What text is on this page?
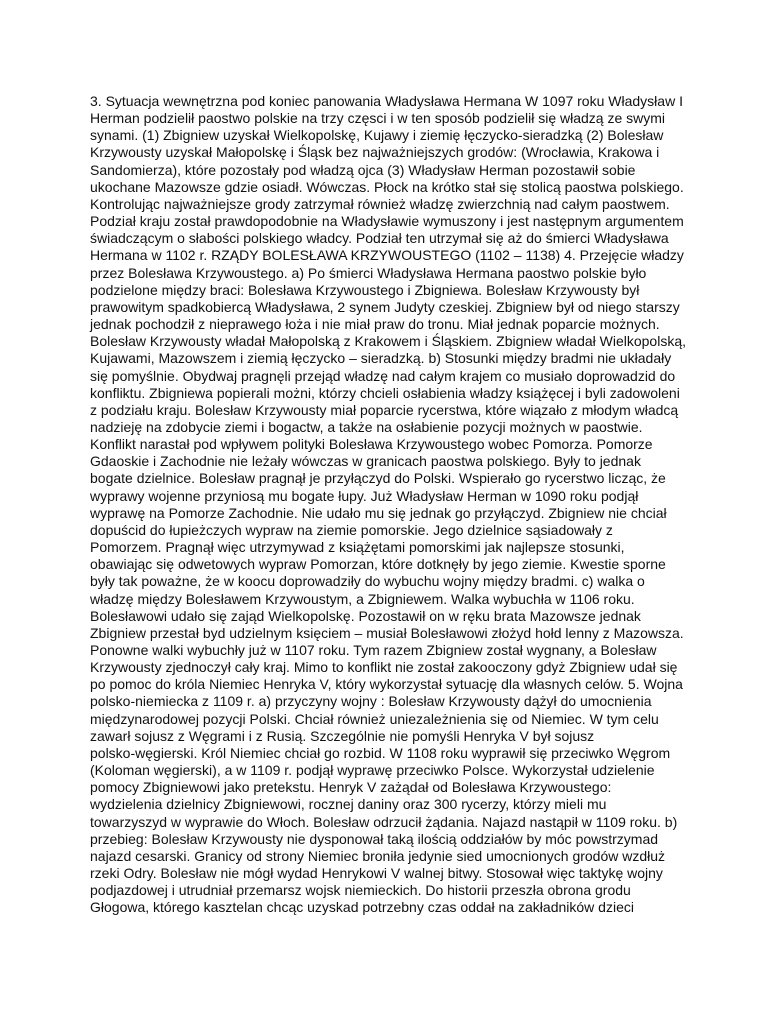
3. Sytuacja wewnętrzna pod koniec panowania Władysława Hermana W 1097 roku Władysław I
Herman podzielił paostwo polskie na trzy częsci i w ten sposób podzielił się władzą ze swymi
synami. (1) Zbigniew uzyskał Wielkopolskę, Kujawy i ziemię łęczycko-sieradzką (2) Bolesław
Krzywousty uzyskał Małopolskę i Śląsk bez najważniejszych grodów: (Wrocławia, Krakowa i
Sandomierza), które pozostały pod władzą ojca (3) Władysław Herman pozostawił sobie
ukochane Mazowsze gdzie osiadł. Wówczas. Płock na krótko stał się stolicą paostwa polskiego.
Kontrolując najważniejsze grody zatrzymał również władzę zwierzchnią nad całym paostwem.
Podział kraju został prawdopodobnie na Władysławie wymuszony i jest następnym argumentem
świadczącym o słabości polskiego władcy. Podział ten utrzymał się aż do śmierci Władysława
Hermana w 1102 r. RZĄDY BOLESŁAWA KRZYWOUSTEGO (1102 – 1138) 4. Przejęcie władzy
przez Bolesława Krzywoustego. a) Po śmierci Władysława Hermana paostwo polskie było
podzielone między braci: Bolesława Krzywoustego i Zbigniewa. Bolesław Krzywousty był
prawowitym spadkobiercą Władysława, 2 synem Judyty czeskiej. Zbigniew był od niego starszy
jednak pochodził z nieprawego łoża i nie miał praw do tronu. Miał jednak poparcie możnych.
Bolesław Krzywousty władał Małopolską z Krakowem i Śląskiem. Zbigniew władał Wielkopolską,
Kujawami, Mazowszem i ziemią łęczycko – sieradzką. b) Stosunki między bradmi nie układały
się pomyślnie. Obydwaj pragnęli przejąd władzę nad całym krajem co musiało doprowadzid do
konfliktu. Zbigniewa popierali możni, którzy chcieli osłabienia władzy książęcej i byli zadowoleni
z podziału kraju. Bolesław Krzywousty miał poparcie rycerstwa, które wiązało z młodym władcą
nadzieję na zdobycie ziemi i bogactw, a także na osłabienie pozycji możnych w paostwie.
Konflikt narastał pod wpływem polityki Bolesława Krzywoustego wobec Pomorza. Pomorze
Gdaoskie i Zachodnie nie leżały wówczas w granicach paostwa polskiego. Były to jednak
bogate dzielnice. Bolesław pragnął je przyłączyd do Polski. Wspierało go rycerstwo licząc, że
wyprawy wojenne przyniosą mu bogate łupy. Już Władysław Herman w 1090 roku podjął
wyprawę na Pomorze Zachodnie. Nie udało mu się jednak go przyłączyd. Zbigniew nie chciał
dopuścid do łupieżczych wypraw na ziemie pomorskie. Jego dzielnice sąsiadowały z
Pomorzem. Pragnął więc utrzymywad z książętami pomorskimi jak najlepsze stosunki,
obawiając się odwetowych wypraw Pomorzan, które dotknęły by jego ziemie. Kwestie sporne
były tak poważne, że w koocu doprowadziły do wybuchu wojny między bradmi. c) walka o
władzę między Bolesławem Krzywoustym, a Zbigniewem. Walka wybuchła w 1106 roku.
Bolesławowi udało się zająd Wielkopolskę. Pozostawił on w ręku brata Mazowsze jednak
Zbigniew przestał byd udzielnym księciem – musiał Bolesławowi złożyd hołd lenny z Mazowsza.
Ponowne walki wybuchły już w 1107 roku. Tym razem Zbigniew został wygnany, a Bolesław
Krzywousty zjednoczył cały kraj. Mimo to konflikt nie został zakooczony gdyż Zbigniew udał się
po pomoc do króla Niemiec Henryka V, który wykorzystał sytuację dla własnych celów. 5. Wojna
polsko-niemiecka z 1109 r. a) przyczyny wojny : Bolesław Krzywousty dążył do umocnienia
międzynarodowej pozycji Polski. Chciał również uniezależnienia się od Niemiec. W tym celu
zawarł sojusz z Węgrami i z Rusią. Szczególnie nie pomyśli Henryka V był sojusz
polsko-węgierski. Król Niemiec chciał go rozbid. W 1108 roku wyprawił się przeciwko Węgrom
(Koloman węgierski), a w 1109 r. podjął wyprawę przeciwko Polsce. Wykorzystał udzielenie
pomocy Zbigniewowi jako pretekstu. Henryk V zażądał od Bolesława Krzywoustego:
wydzielenia dzielnicy Zbigniewowi, rocznej daniny oraz 300 rycerzy, którzy mieli mu
towarzyszyd w wyprawie do Włoch. Bolesław odrzucił żądania. Najazd nastąpił w 1109 roku. b)
przebieg: Bolesław Krzywousty nie dysponował taką ilością oddziałów by móc powstrzymad
najazd cesarski. Granicy od strony Niemiec broniła jedynie sied umocnionych grodów wzdłuż
rzeki Odry. Bolesław nie mógł wydad Henrykowi V walnej bitwy. Stosował więc taktykę wojny
podjazdowej i utrudniał przemarsz wojsk niemieckich. Do historii przeszła obrona grodu
Głogowa, którego kasztelan chcąc uzyskad potrzebny czas oddał na zakładników dzieci
